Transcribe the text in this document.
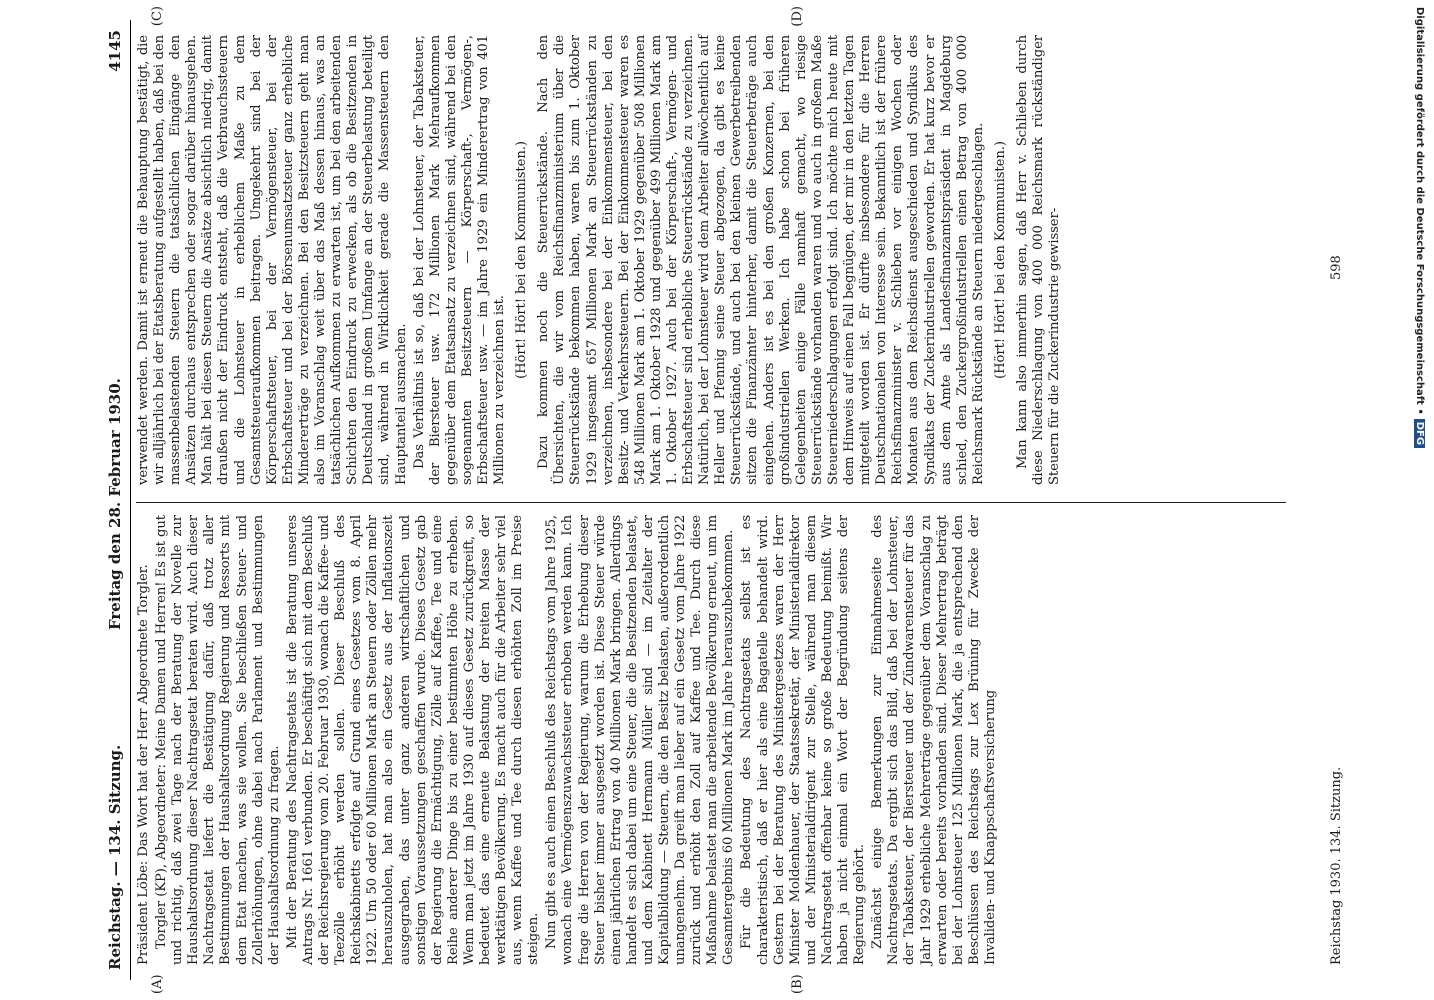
Reichstag. — 134. Sitzung.
Freitag den 28. Februar 1930.
4145

Präsident Löbe: Das Wort hat der Herr Abgeordnete Torgler. Torgler (KP), Abgeordneter: Meine Damen und Herren! Es ist gut und richtig, daß zwei Tage nach der Beratung der Novelle zur Haushaltsordnung dieser Nachtragsetat beraten wird. Auch dieser Nachtragsetat liefert die Bestätigung dafür, daß trotz aller Bestimmungen der Haushaltsordnung Regierung und Ressorts mit dem Etat machen, was sie wollen. Sie beschließen Steuer- und Zollerhöhungen, ohne dabei nach Parlament und Bestimmungen der Haushaltsordnung zu fragen. Mit der Beratung des Nachtragsetats ist die Beratung unseres Antrags Nr. 1661 verbunden. Er beschäftigt sich mit dem Beschluß der Reichsregierung vom 20. Februar 1930, wonach die Kaffee- und Teezölle erhöht werden sollen. Dieser Beschluß des Reichskabinetts erfolgte auf Grund eines Gesetzes vom 8. April 1922. Um 50 oder 60 Millionen Mark an Steuern oder Zöllen mehr herauszuholen, hat man also ein Gesetz aus der Inflationszeit ausgegraben, das unter ganz anderen wirtschaftlichen und sonstigen Voraussetzungen geschaffen wurde. Dieses Gesetz gab der Regierung die Ermächtigung, Zölle auf Kaffee, Tee und eine Reihe anderer Dinge bis zu einer bestimmten Höhe zu erheben. Wenn man jetzt im Jahre 1930 auf dieses Gesetz zurückgreift, so bedeutet das eine erneute Belastung der breiten Masse der werktätigen Bevölkerung. Es macht auch für die Arbeiter sehr viel aus, wenn Kaffee und Tee durch diesen erhöhten Zoll im Preise steigen. Nun gibt es auch einen Beschluß des Reichstags vom Jahre 1925, wonach eine Vermögenszuwachssteuer erhoben werden kann. Ich frage die Herren von der Regierung, warum die Erhebung dieser Steuer bisher immer ausgesetzt worden ist. Diese Steuer würde einen jährlichen Ertrag von 40 Millionen Mark bringen. Allerdings handelt es sich dabei um eine Steuer, die die Besitzenden belastet, und dem Kabinett Hermann Müller sind — im Zeitalter der Kapitalbildung — Steuern, die den Besitz belasten, außerordentlich unangenehm. Da greift man lieber auf ein Gesetz vom Jahre 1922 zurück und erhöht den Zoll auf Kaffee und Tee. Durch diese Maßnahme belastet man die arbeitende Bevölkerung erneut, um im Gesamtergebnis 60 Millionen Mark im Jahre herauszubekommen. Für die Bedeutung des Nachtragsetats selbst ist es charakteristisch, daß er hier als eine Bagatelle behandelt wird. Gestern bei der Beratung des Ministergesetzes waren der Herr Minister Moldenhauer, der Staatssekretär, der Ministerialdirektor und der Ministerialdirigent zur Stelle, während man diesem Nachtragsetat offenbar keine so große Bedeutung beimißt. Wir haben ja nicht einmal ein Wort der Begründung seitens der Regierung gehört. Zunächst einige Bemerkungen zur Einnahmeseite des Nachtragsetats. Da ergibt sich das Bild, daß bei der Lohnsteuer, der Tabaksteuer, der Biersteuer und der Zündwarensteuer für das Jahr 1929 erhebliche Mehrerträge gegenüber dem Voranschlag zu erwarten oder bereits vorhanden sind. Dieser Mehrertrag beträgt bei der Lohnsteuer 125 Millionen Mark, die ja entsprechend den Beschlüssen des Reichstags zur Lex Brüning für Zwecke der Invaliden- und Knappschaftsversicherung

verwendet werden. Damit ist erneut die Behauptung bestätigt, die wir alljährlich bei der Etatsberatung aufgestellt haben, daß bei den massenbelastenden Steuern die tatsächlichen Eingänge den Ansätzen durchaus entsprechen oder sogar darüber hinausgehen. Man hält bei diesen Steuern die Ansätze absichtlich niedrig, damit draußen nicht der Eindruck entsteht, daß die Verbrauchssteuern und die Lohnsteuer in erheblichem Maße zu dem Gesamtsteueraufkommen beitragen. Umgekehrt sind bei der Körperschaftsteuer, bei der Vermögensteuer, bei der Erbschaftsteuer und bei der Börsenumsatzsteuer ganz erhebliche Mindererträge zu verzeichnen. Bei den Besitzsteuern geht man also im Voranschlag weit über das Maß dessen hinaus, was an tatsächlichen Aufkommen zu erwarten ist, um bei den arbeitenden Schichten den Eindruck zu erwecken, als ob die Besitzenden in Deutschland in großem Umfange an der Steuerbelastung beteiligt sind, während in Wirklichkeit gerade die Massensteuern den Hauptanteil ausmachen. Das Verhältnis ist so, daß bei der Lohnsteuer, der Tabaksteuer, der Biersteuer usw. 172 Millionen Mark Mehraufkommen gegenüber dem Etatsansatz zu verzeichnen sind, während bei den sogenannten Besitzsteuern — Körperschaft-, Vermögen-, Erbschaftsteuer usw. — im Jahre 1929 ein Minderertrag von 401 Millionen zu verzeichnen ist.

(Hört! Hört! bei den Kommunisten.) Dazu kommen noch die Steuerrückstände. Nach den Übersichten, die wir vom Reichsfinanzministerium über die Steuerrückstände bekommen haben, waren bis zum 1. Oktober 1929 insgesamt 657 Millionen Mark an Steuerrückständen zu verzeichnen, insbesondere bei der Einkommensteuer, bei den Besitz- und Verkehrssteuern. Bei der Einkommensteuer waren es 548 Millionen Mark am 1. Oktober 1929 gegenüber 508 Millionen Mark am 1. Oktober 1928 und gegenüber 499 Millionen Mark am 1. Oktober 1927. Auch bei der Körperschaft-, Vermögen- und Erbschaftsteuer sind erhebliche Steuerrückstände zu verzeichnen. Natürlich, bei der Lohnsteuer wird dem Arbeiter allwöchentlich auf Heller und Pfennig seine Steuer abgezogen, da gibt es keine Steuerrückstände, und auch bei den kleinen Gewerbetreibenden sitzen die Finanzämter hinterher, damit die Steuerbeträge auch eingehen. Anders ist es bei den großen Konzernen, bei den großindustriellen Werken. Ich habe schon bei früheren Gelegenheiten einige Fälle namhaft gemacht, wo riesige Steuerrückstände vorhanden waren und wo auch in großem Maße Steuerniederschlagungen erfolgt sind. Ich möchte mich heute mit dem Hinweis auf einen Fall begnügen, der mir in den letzten Tagen mitgeteilt worden ist. Er dürfte insbesondere für die Herren Deutschnationalen von Interesse sein. Bekanntlich ist der frühere Reichsfinanzminister v. Schlieben vor einigen Wochen oder Monaten aus dem Reichsdienst ausgeschieden und Syndikus des Syndikats der Zuckerindustriellen geworden. Er hat kurz bevor er aus dem Amte als Landesfinanzamtspräsident in Magdeburg schied, den Zuckergroßindustriellen einen Betrag von 400 000 Reichsmark Rückstände an Steuern niedergeschlagen. (Hört! Hört! bei den Kommunisten.) Man kann also immerhin sagen, daß Herr v. Schlieben durch diese Niederschlagung von 400 000 Reichsmark rückständiger Steuern für die Zuckerindustrie gewisser-

(A)	(B)
(C)	(D)
Reichstag 1930. 134. Sitzung.
598	Digitalisierung gefördert durch die Deutsche Forschungsgemeinschaft •DFG
